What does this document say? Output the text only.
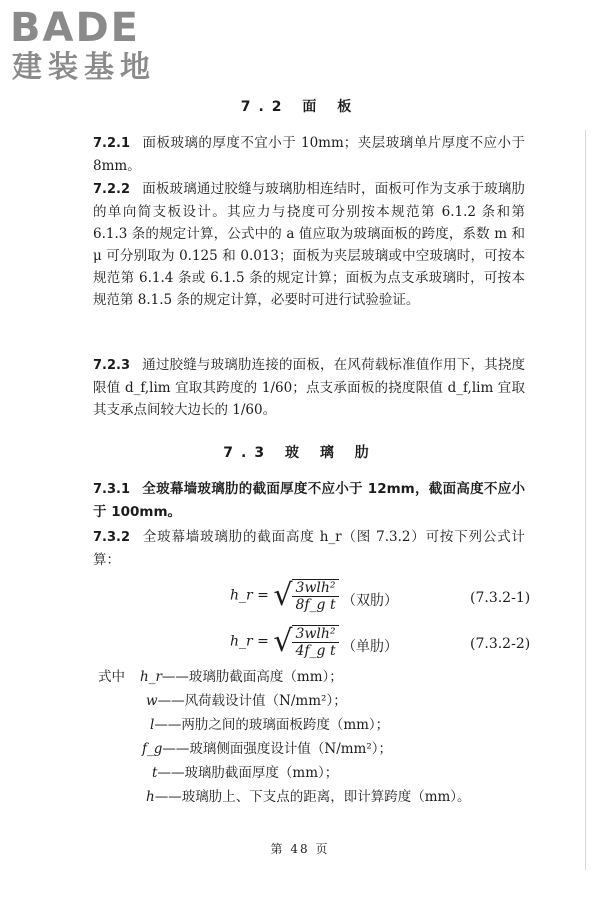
BADE
建装基地
7.2 面 板
7.2.1 面板玻璃的厚度不宜小于 10mm；夹层玻璃单片厚度不应小于 8mm。
7.2.2 面板玻璃通过胶缝与玻璃肋相连结时，面板可作为支承于玻璃肋的单向简支板设计。其应力与挠度可分别按本规范第 6.1.2 条和第 6.1.3 条的规定计算，公式中的 a 值应取为玻璃面板的跨度，系数 m 和 μ 可分别取为 0.125 和 0.013；面板为夹层玻璃或中空玻璃时，可按本规范第 6.1.4 条或 6.1.5 条的规定计算；面板为点支承玻璃时，可按本规范第 8.1.5 条的规定计算，必要时可进行试验验证。
7.2.3 通过胶缝与玻璃肋连接的面板，在风荷载标准值作用下，其挠度限值 d_f,lim 宜取其跨度的 1/60；点支承面板的挠度限值 d_f,lim 宜取其支承点间较大边长的 1/60。
7.3 玻 璃 肋
7.3.1 全玻幕墙玻璃肋的截面厚度不应小于 12mm，截面高度不应小于 100mm。
7.3.2 全玻幕墙玻璃肋的截面高度 h_r（图 7.3.2）可按下列公式计算：
h_r = √ $\frac{\text{3wlh²}}{\text{8f\_g t}}$ （双肋）	(7.3.2-1)
h_r = √ $\frac{\text{3wlh²}}{\text{4f\_g t}}$ （单肋）	(7.3.2-2)
式中 h_r——玻璃肋截面高度（mm）；
w——风荷载设计值（N/mm²）；
l——两肋之间的玻璃面板跨度（mm）；
f_g——玻璃侧面强度设计值（N/mm²）；
t——玻璃肋截面厚度（mm）；
h——玻璃肋上、下支点的距离，即计算跨度（mm）。
第 48 页
